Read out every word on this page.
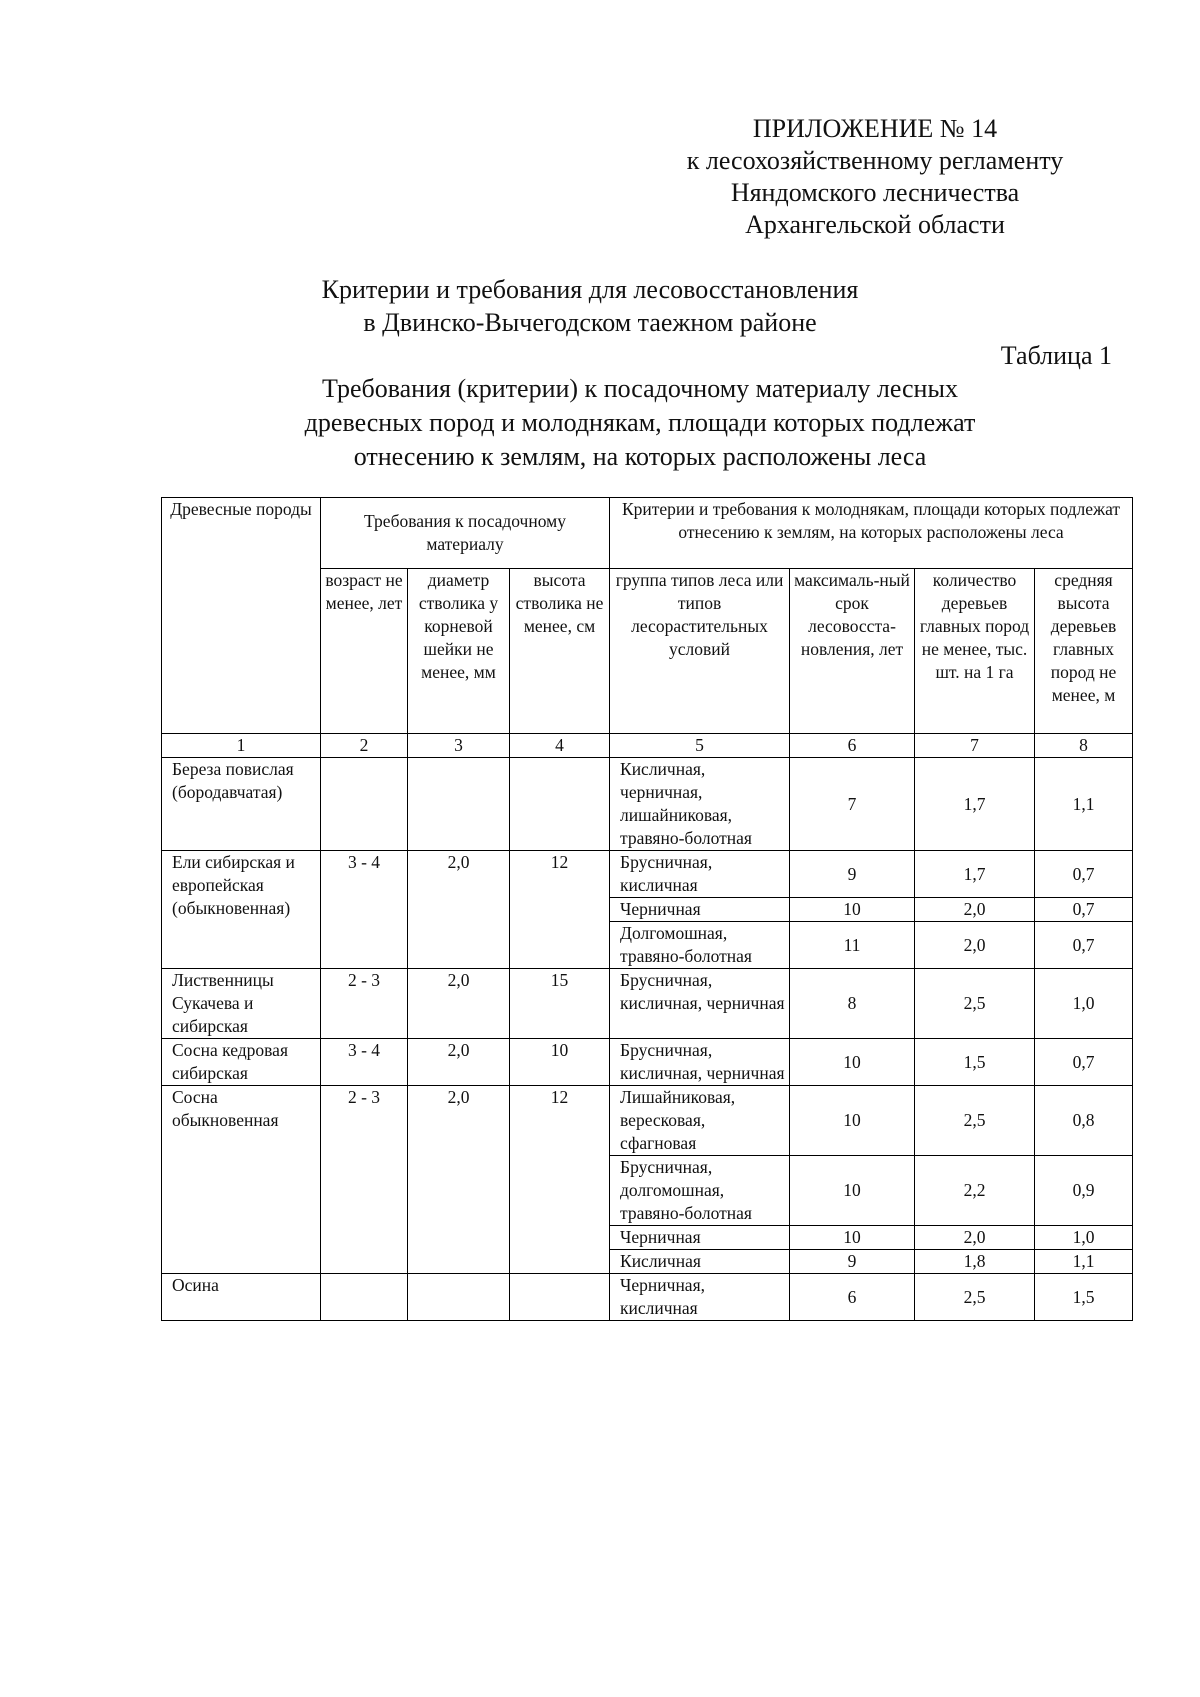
ПРИЛОЖЕНИЕ № 14
к лесохозяйственному регламенту
Няндомского лесничества
Архангельской области
Критерии и требования для лесовосстановления
в Двинско-Вычегодском таежном районе
Таблица 1
Требования (критерии) к посадочному материалу лесных
древесных пород и молоднякам, площади которых подлежат
отнесению к землям, на которых расположены леса
Древесные породы	Требования к посадочному материалу			Критерии и требования к молоднякам, площади которых подлежат отнесению к землям, на которых расположены леса			
	возраст не менее, лет	диаметр стволика у корневой шейки не менее, мм	высота стволика не менее, см	группа типов леса или типов лесорастительных условий	максималь-ный срок лесовосста-новления, лет	количество деревьев главных пород не менее, тыс. шт. на 1 га	средняя высота деревьев главных пород не менее, м
1	2	3	4	5	6	7	8
Береза повислая (бородавчатая)				Кисличная, черничная, лишайниковая, травяно-болотная	7	1,7	1,1
Ели сибирская и европейская (обыкновенная)	3 - 4	2,0	12	Брусничная, кисличная	9	1,7	0,7
				Черничная	10	2,0	0,7
				Долгомошная, травяно-болотная	11	2,0	0,7
Лиственницы Сукачева и сибирская	2 - 3	2,0	15	Брусничная, кисличная, черничная	8	2,5	1,0
Сосна кедровая сибирская	3 - 4	2,0	10	Брусничная, кисличная, черничная	10	1,5	0,7
Сосна обыкновенная	2 - 3	2,0	12	Лишайниковая, вересковая, сфагновая	10	2,5	0,8
				Брусничная, долгомошная, травяно-болотная	10	2,2	0,9
				Черничная	10	2,0	1,0
				Кисличная	9	1,8	1,1
Осина				Черничная, кисличная	6	2,5	1,5
